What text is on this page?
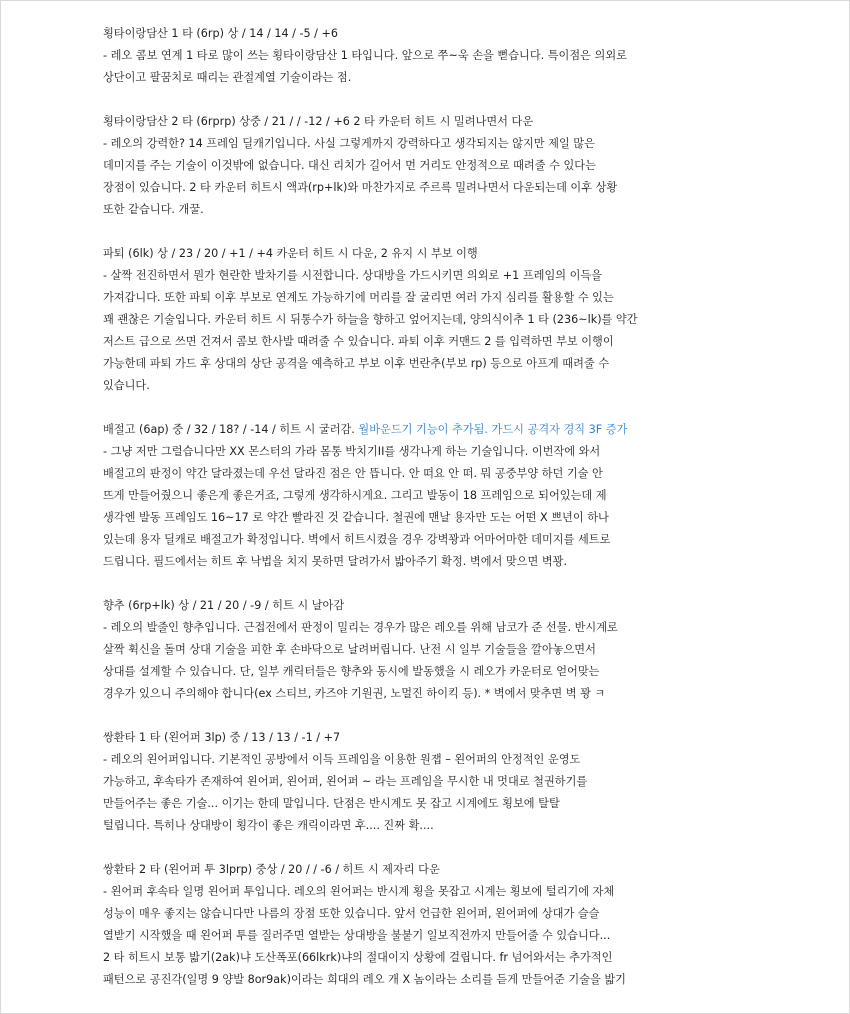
횡타이랑담산 1 타 (6rp) 상 / 14 / 14 / -5 / +6
- 레오 콤보 연계 1 타로 많이 쓰는 횡타이랑담산 1 타입니다. 앞으로 쭈~욱 손을 뻗습니다. 특이점은 의외로
상단이고 팔꿈치로 때리는 관절계열 기술이라는 점.
횡타이랑담산 2 타 (6rprp) 상중 / 21 / / -12 / +6 2 타 카운터 히트 시 밀려나면서 다운
- 레오의 강력한? 14 프레임 딜캐기입니다. 사실 그렇게까지 강력하다고 생각되지는 않지만 제일 많은
데미지를 주는 기술이 이것밖에 없습니다. 대신 리치가 길어서 먼 거리도 안정적으로 때려줄 수 있다는
장점이 있습니다. 2 타 카운터 히트시 액과(rp+lk)와 마찬가지로 주르륵 밀려나면서 다운되는데 이후 상황
또한 같습니다. 개꿀.
파퇴 (6lk) 상 / 23 / 20 / +1 / +4 카운터 히트 시 다운, 2 유지 시 부보 이행
- 살짝 전진하면서 뭔가 현란한 발차기를 시전합니다. 상대방을 가드시키면 의외로 +1 프레임의 이득을
가져갑니다. 또한 파퇴 이후 부보로 연계도 가능하기에 머리를 잘 굴리면 여러 가지 심리를 활용할 수 있는
꽤 괜찮은 기술입니다. 카운터 히트 시 뒤통수가 하늘을 향하고 엎어지는데, 양의식이추 1 타 (236~lk)를 약간
저스트 급으로 쓰면 건져서 콤보 한사발 때려줄 수 있습니다. 파퇴 이후 커맨드 2 를 입력하면 부보 이행이
가능한데 파퇴 가드 후 상대의 상단 공격을 예측하고 부보 이후 번란추(부보 rp) 등으로 아프게 때려줄 수
있습니다.
배절고 (6ap) 중 / 32 / 18? / -14 / 히트 시 굴러감. 월바운드기 기능이 추가됨. 가드시 공격자 경직 3F 증가
- 그냥 저만 그럴습니다만 XX 몬스터의 가라 몸통 박치기II를 생각나게 하는 기술입니다. 이번작에 와서
배절고의 판정이 약간 달라졌는데 우선 달라진 점은 안 뜹니다. 안 떠요 안 떠. 뭐 공중부양 하던 기술 안
뜨게 만들어줬으니 좋은게 좋은거죠, 그렇게 생각하시게요. 그리고 발동이 18 프레임으로 되어있는데 제
생각엔 발동 프레임도 16~17 로 약간 빨라진 것 같습니다. 철권에 맨날 용자만 도는 어떤 X 쁘년이 하나
있는데 용자 딜캐로 배절고가 확정입니다. 벽에서 히트시켰을 경우 강벽꽝과 어마어마한 데미지를 세트로
드립니다. 필드에서는 히트 후 낙법을 치지 못하면 달려가서 밟아주기 확정. 벽에서 맞으면 벽꽝.
향추 (6rp+lk) 상 / 21 / 20 / -9 / 히트 시 날아감
- 레오의 발줄인 향추입니다. 근접전에서 판정이 밀리는 경우가 많은 레오를 위해 남코가 준 선물. 반시계로
살짝 휙신을 돌며 상대 기술을 피한 후 손바닥으로 날려버립니다. 난전 시 일부 기술들을 깔아놓으면서
상대를 설계할 수 있습니다. 단, 일부 캐릭터들은 향추와 동시에 발동했을 시 레오가 카운터로 얻어맞는
경우가 있으니 주의해야 합니다(ex 스티브, 카즈야 기원권, 노멀진 하이킥 등). * 벽에서 맞추면 벽 꽝 ㅋ
쌍환타 1 타 (왼어퍼 3lp) 중 / 13 / 13 / -1 / +7
- 레오의 왼어퍼입니다. 기본적인 공방에서 이득 프레임을 이용한 원잽 – 왼어퍼의 안정적인 운영도
가능하고, 후속타가 존재하여 왼어퍼, 왼어퍼, 왼어퍼 ~ 라는 프레임을 무시한 내 멋대로 철권하기를
만들어주는 좋은 기술... 이기는 한데 말입니다. 단점은 반시계도 못 잡고 시계에도 횡보에 탈탈
털립니다. 특히나 상대방이 횡각이 좋은 캐릭이라면 후.... 진짜 확....
쌍환타 2 타 (왼어퍼 투 3lprp) 중상 / 20 / / -6 / 히트 시 제자리 다운
- 왼어퍼 후속타 일명 왼어퍼 투입니다. 레오의 왼어퍼는 반시계 횡을 못잡고 시계는 횡보에 털리기에 자체
성능이 매우 좋지는 않습니다만 나름의 장점 또한 있습니다. 앞서 언급한 왼어퍼, 왼어퍼에 상대가 슬슬
열받기 시작했을 때 왼어퍼 투를 질러주면 열받는 상대방을 불붙기 일보직전까지 만들어줄 수 있습니다...
2 타 히트시 보통 밟기(2ak)냐 도산폭포(66lkrk)냐의 절대이지 상황에 걸립니다. fr 넘어와서는 추가적인
패턴으로 공진각(일명 9 양발 8or9ak)이라는 희대의 레오 개 X 놈이라는 소리를 듣게 만들어준 기술을 밟기
